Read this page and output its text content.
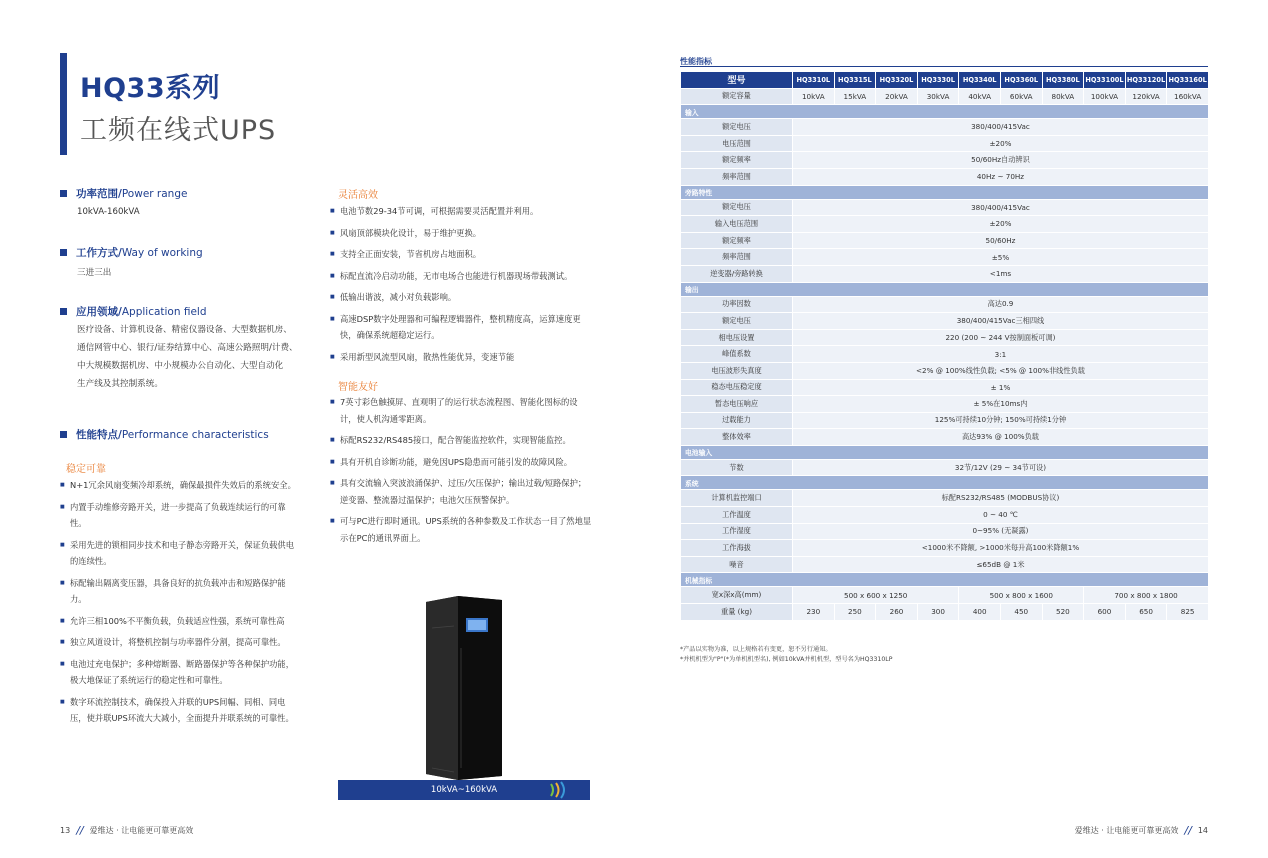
HQ33系列
工频在线式UPS
功率范围/ Power range
10kVA-160kVA
工作方式/ Way of working
三进三出
应用领域/ Application field
医疗设备、计算机设备、精密仪器设备、大型数据机房、
通信网管中心、银行/证券结算中心、高速公路照明/计费、
中大规模数据机房、中小规模办公自动化、大型自动化
生产线及其控制系统。
性能特点/ Performance characteristics
稳定可靠
■ N+1冗余风扇变频冷却系统，确保最损件失效后的系统安全。
■ 内置手动维修旁路开关，进一步提高了负载连续运行的可靠性。
■ 采用先进的锁相同步技术和电子静态旁路开关，保证负载供电的连续性。
■ 标配输出隔离变压器，具备良好的抗负载冲击和短路保护能力。
■ 允许三相100%不平衡负载，负载适应性强，系统可靠性高
■ 独立风道设计，将整机控制与功率器件分割，提高可靠性。
■ 电池过充电保护；多种熔断器、断路器保护等各种保护功能，极大地保证了系统运行的稳定性和可靠性。
■ 数字环流控制技术，确保投入并联的UPS间幅、同相、同电压，使并联UPS环流大大减小，全面提升并联系统的可靠性。
灵活高效
■ 电池节数29-34节可调，可根据需要灵活配置并利用。
■ 风扇顶部模块化设计，易于维护更换。
■ 支持全正面安装，节省机房占地面积。
■ 标配直流冷启动功能，无市电场合也能进行机器现场带载测试。
■ 低输出谐波，减小对负载影响。
■ 高速DSP数字处理器和可编程逻辑器件，整机精度高，运算速度更快，确保系统超稳定运行。
■ 采用新型风流型风扇，散热性能优异，变速节能
智能友好
■ 7英寸彩色触摸屏、直观明了的运行状态流程图、智能化图标的设计，使人机沟通零距离。
■ 标配RS232/RS485接口，配合智能监控软件，实现智能监控。
■ 具有开机自诊断功能，避免因UPS隐患而可能引发的故障风险。
■ 具有交流输入突波浪涌保护、过压/欠压保护；输出过载/短路保护；逆变器、整流器过温保护；电池欠压预警保护。
■ 可与PC进行即时通讯。UPS系统的各种参数及工作状态一目了然地显示在PC的通讯界面上。
10kVA~160kVA
性能指标
型号	HQ3310L	HQ3315L	HQ3320L	HQ3330L	HQ3340L	HQ3360L	HQ3380L	HQ33100L	HQ33120L	HQ33160L
额定容量	10kVA	15kVA	20kVA	30kVA	40kVA	60kVA	80kVA	100kVA	120kVA	160kVA
输入										
额定电压	380/400/415Vac									
电压范围	±20%									
额定频率	50/60Hz自动辨识									
频率范围	40Hz ~ 70Hz									
旁路特性										
额定电压	380/400/415Vac									
输入电压范围	±20%									
额定频率	50/60Hz									
频率范围	±5%									
逆变器/旁路转换	<1ms									
输出										
功率因数	高达0.9									
额定电压	380/400/415Vac三相四线									
相电压设置	220 (200 ~ 244 V按制面板可调)									
峰值系数	3:1									
电压波形失真度	<2% @ 100%线性负载; <5% @ 100%非线性负载									
稳态电压稳定度	± 1%									
暂态电压响应	± 5%在10ms内									
过载能力	125%可持续10分钟; 150%可持续1分钟									
整体效率	高达93% @ 100%负载									
电池输入										
节数	32节/12V (29 ~ 34节可设)									
系统										
计算机监控端口	标配RS232/RS485 (MODBUS协议)									
工作温度	0 ~ 40 ℃									
工作湿度	0~95% (无凝露)									
工作海拔	<1000米不降额, >1000米每升高100米降额1%									
噪音	≤65dB @ 1米									
机械指标										
宽x深x高(mm)	500 x 600 x 1250				500 x 800 x 1600			700 x 800 x 1800		
重量 (kg)	230	250	260	300	400	450	520	600	650	825
*产品以实物为准，以上规格若有变更，恕不另行通知。
*并机机型为"P"(*为单机机型名), 例如10kVA并机机型，型号名为HQ3310LP
13 // 爱维达 · 让电能更可靠更高效	爱维达 · 让电能更可靠更高效 // 14
